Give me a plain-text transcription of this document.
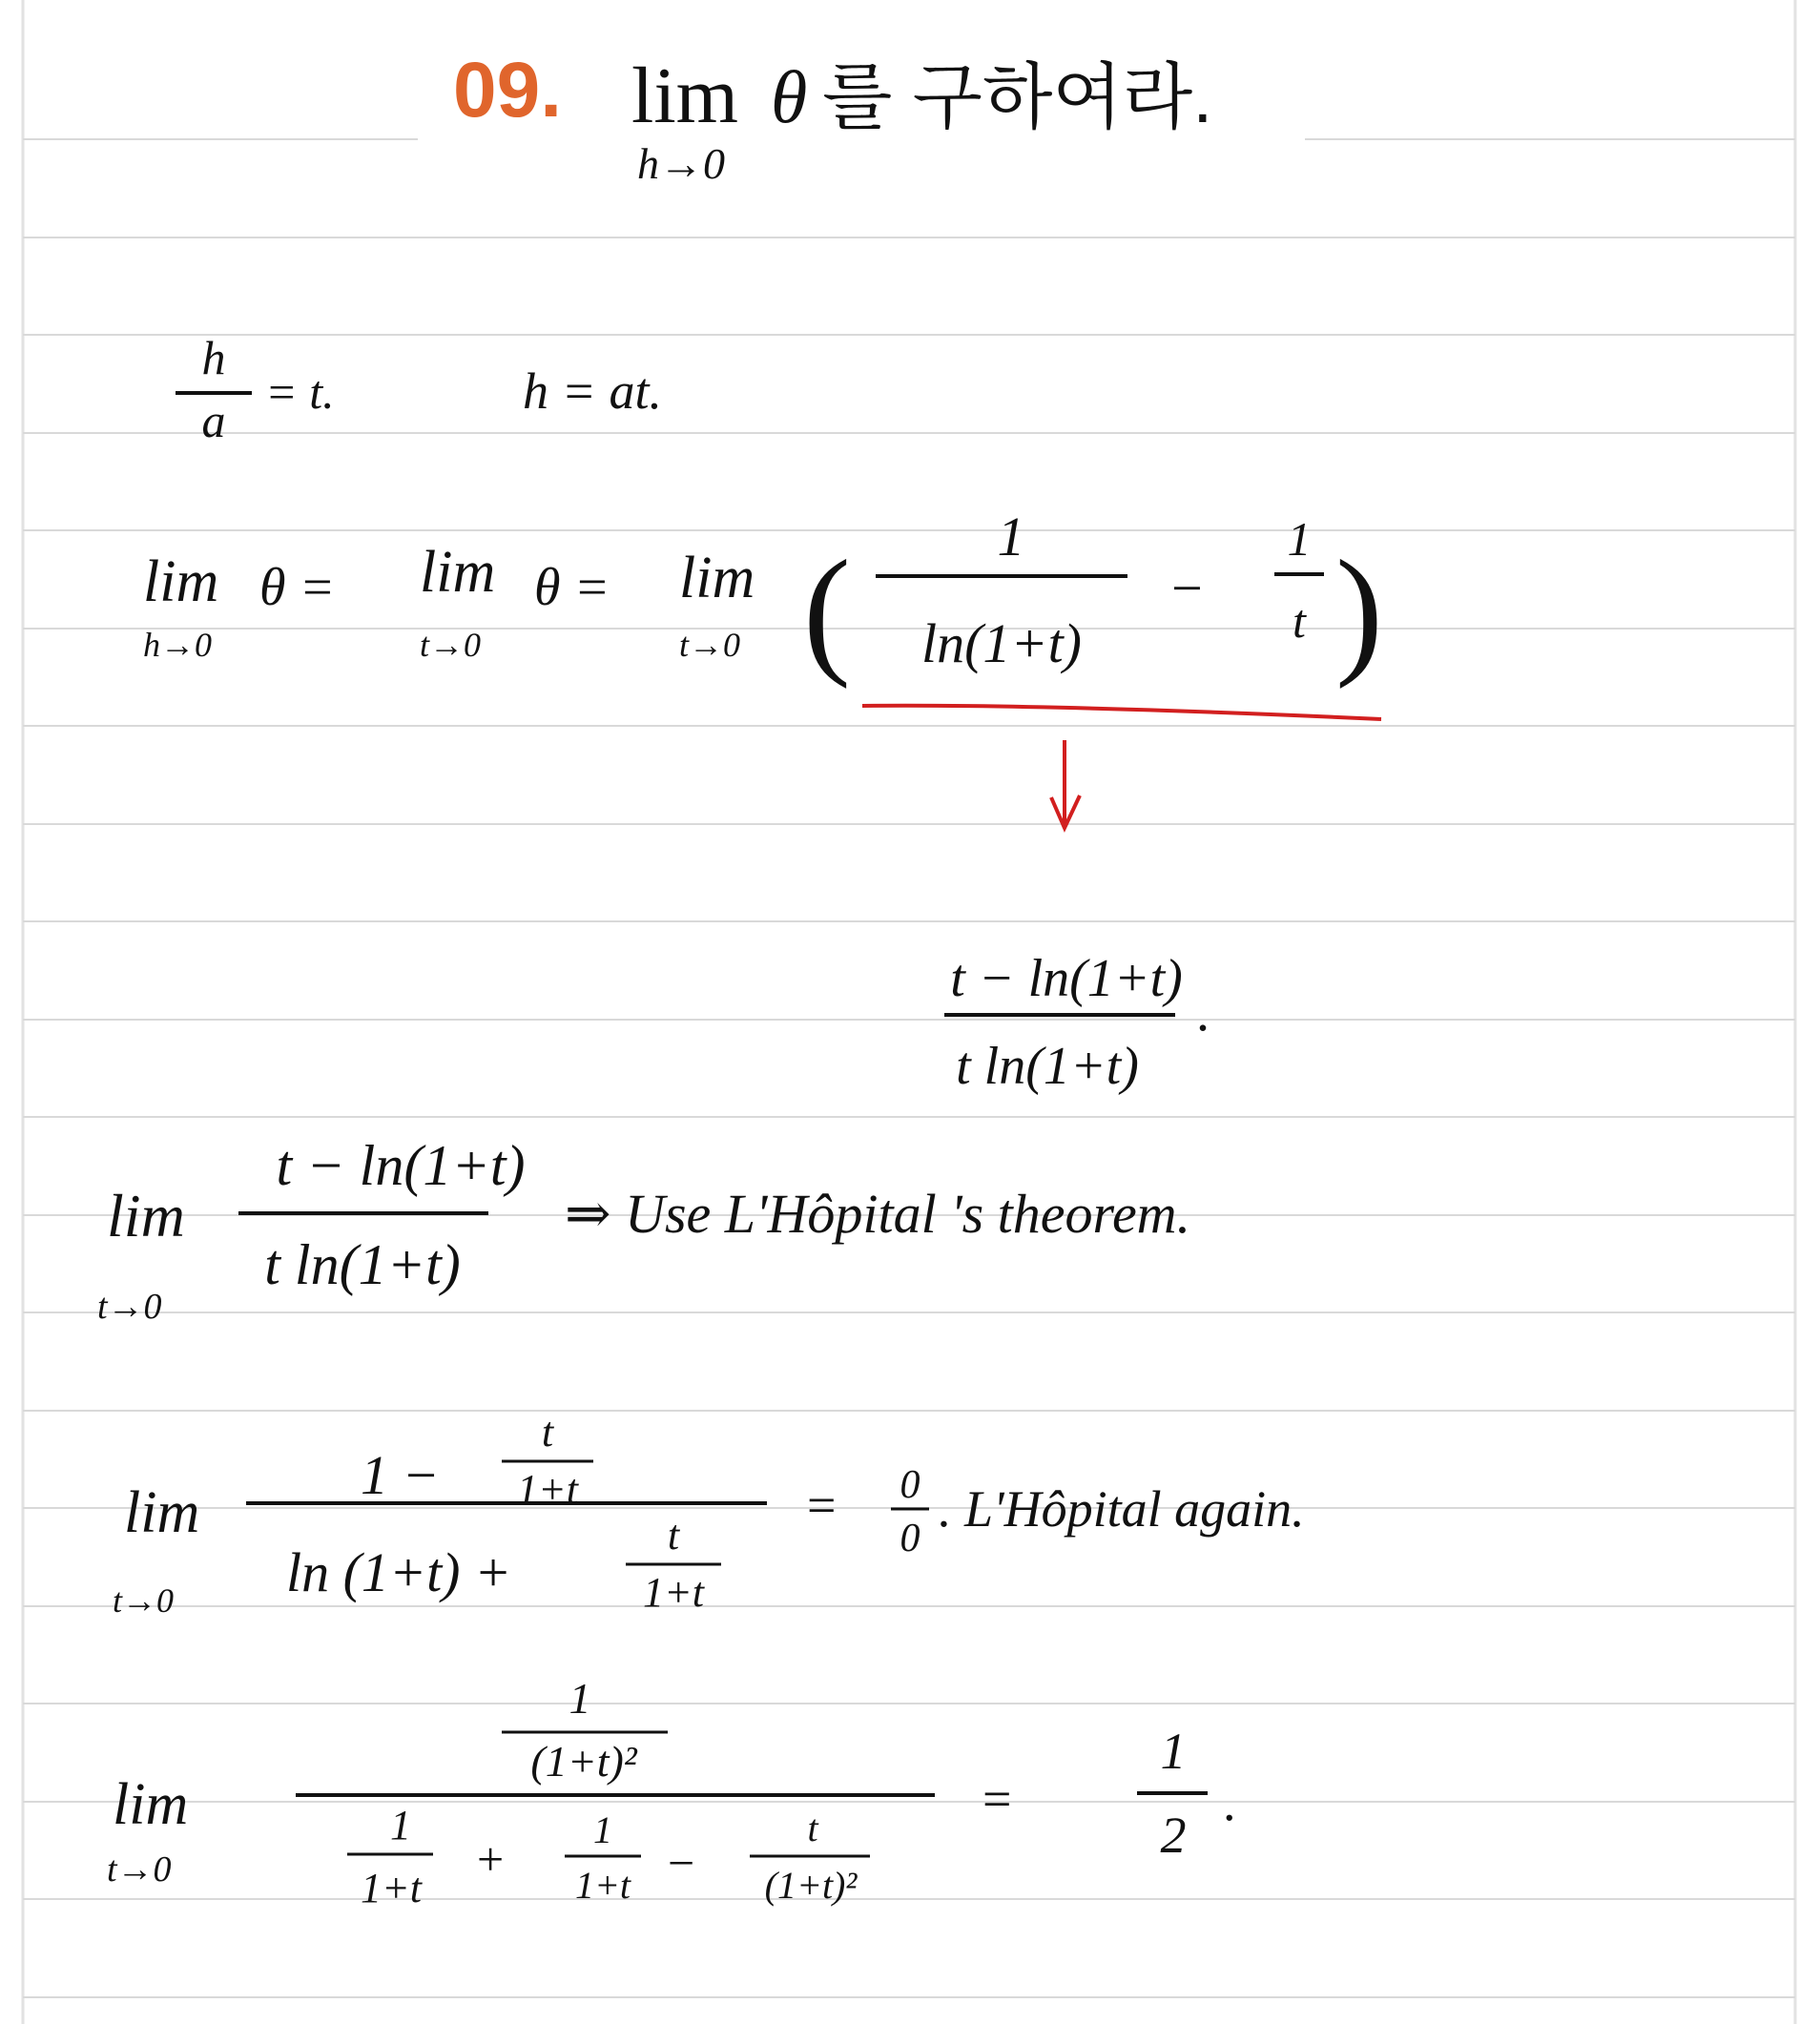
09. lim
h→0
θ 를 구하여라.
h
a
= t.	h = at.
lim
h→0
θ = lim
t→0
θ = lim
t→0 (	1
ln(1+t)
−
1
t )
t − ln(1+t)
t ln(1+t)
.
lim
t→0
t − ln(1+t)
t ln(1+t)
⇒ Use L'Hôpital 's theorem.
lim
t→0
1 −
t
1+t
ln (1+t) +
t
1+t
= 0
0
. L'Hôpital again.
lim
t→0
1
(1+t)²
1
1+t
+
1
1+t −
t
(1+t)²
=
1
2
.
